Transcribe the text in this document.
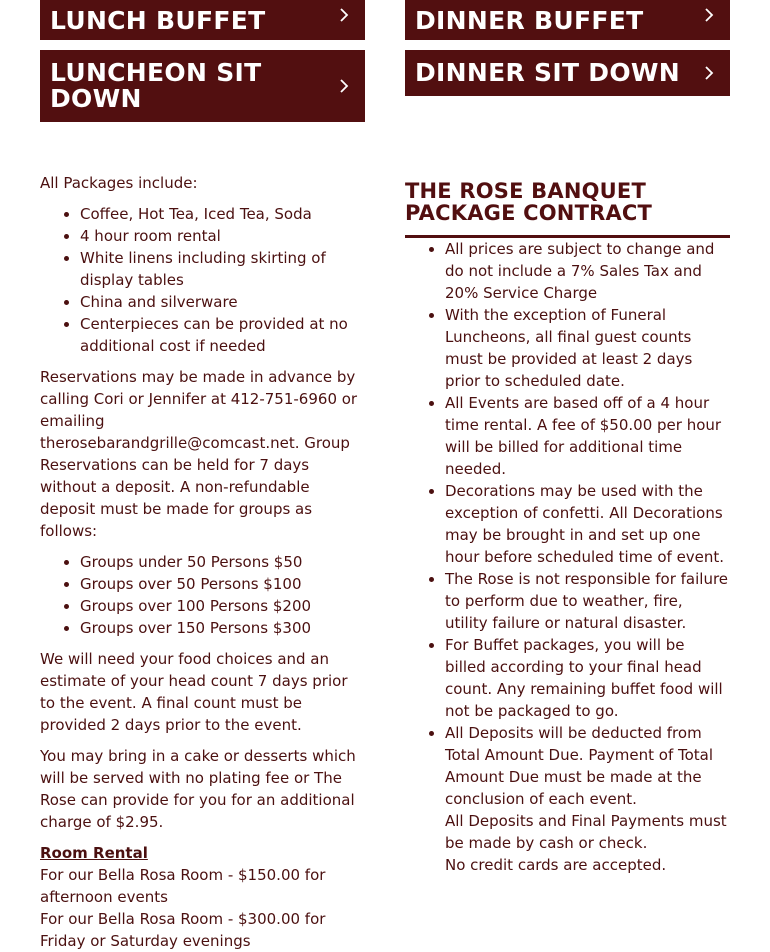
LUNCH BUFFET	DINNER BUFFET
LUNCHEON SIT DOWN
DINNER SIT DOWN

All Packages include:

• Coffee, Hot Tea, Iced Tea, Soda
• 4 hour room rental
• White linens including skirting of display tables
• China and silverware
• Centerpieces can be provided at no additional cost if needed

Reservations may be made in advance by calling Cori or Jennifer at 412-751-6960 or emailing therosebarandgrille@comcast.net. Group Reservations can be held for 7 days without a deposit. A non-refundable deposit must be made for groups as follows:

• Groups under 50 Persons $50
• Groups over 50 Persons $100
• Groups over 100 Persons $200
• Groups over 150 Persons $300

We will need your food choices and an estimate of your head count 7 days prior to the event. A final count must be provided 2 days prior to the event.

You may bring in a cake or desserts which will be served with no plating fee or The Rose can provide for you for an additional charge of $2.95.

Room Rental
For our Bella Rosa Room - $150.00 for afternoon events
For our Bella Rosa Room - $300.00 for Friday or Saturday evenings

THE ROSE BANQUET PACKAGE CONTRACT
• All prices are subject to change and do not include a 7% Sales Tax and 20% Service Charge
• With the exception of Funeral Luncheons, all final guest counts must be provided at least 2 days prior to scheduled date.
• All Events are based off of a 4 hour time rental. A fee of $50.00 per hour will be billed for additional time needed.
• Decorations may be used with the exception of confetti. All Decorations may be brought in and set up one hour before scheduled time of event.
• The Rose is not responsible for failure to perform due to weather, fire, utility failure or natural disaster.
• For Buffet packages, you will be billed according to your final head count. Any remaining buffet food will not be packaged to go.
• All Deposits will be deducted from Total Amount Due. Payment of Total Amount Due must be made at the conclusion of each event.
All Deposits and Final Payments must be made by cash or check.
No credit cards are accepted.
